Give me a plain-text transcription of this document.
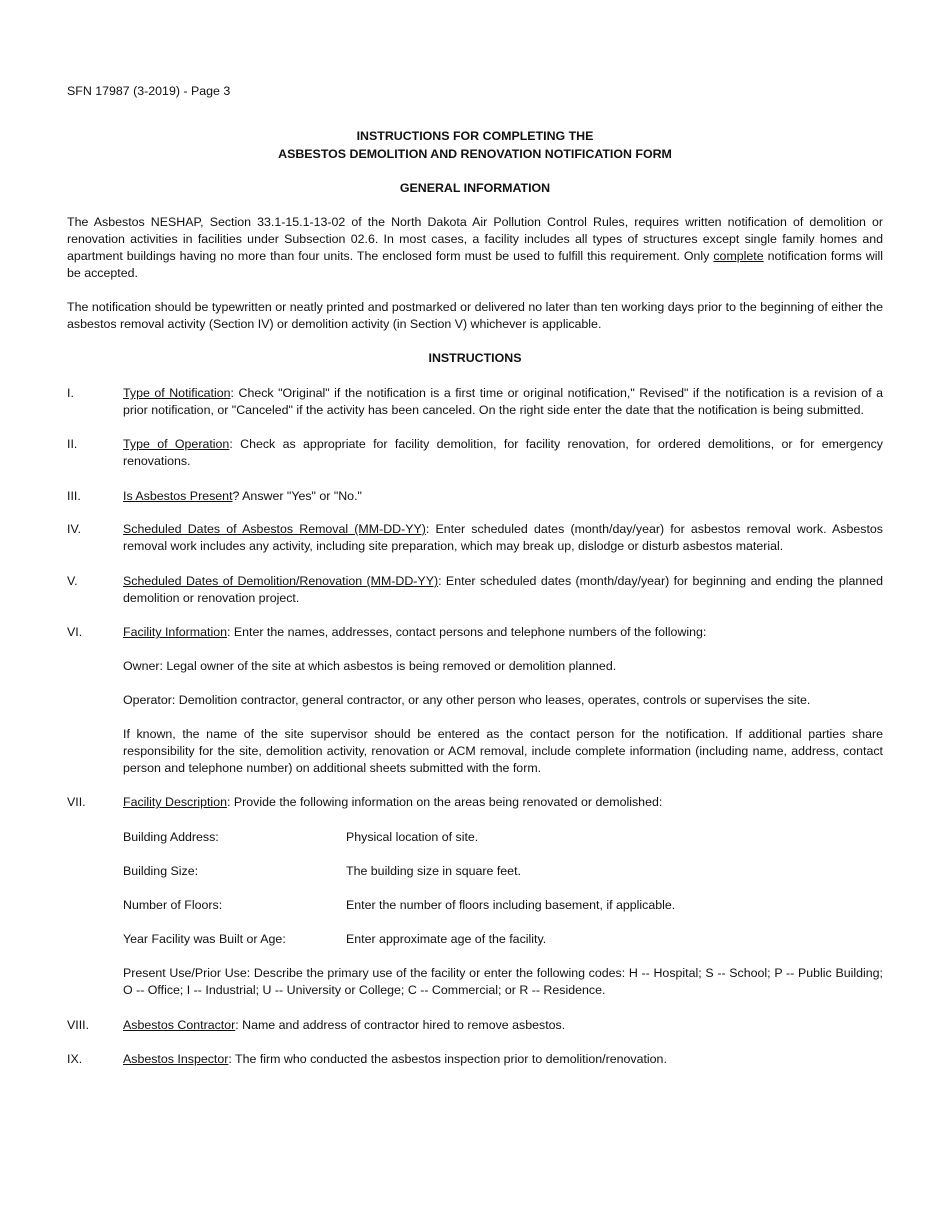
SFN 17987 (3-2019) - Page 3
INSTRUCTIONS FOR COMPLETING THE
ASBESTOS DEMOLITION AND RENOVATION NOTIFICATION FORM
GENERAL INFORMATION
The Asbestos NESHAP, Section 33.1-15.1-13-02 of the North Dakota Air Pollution Control Rules, requires written notification of demolition or renovation activities in facilities under Subsection 02.6. In most cases, a facility includes all types of structures except single family homes and apartment buildings having no more than four units. The enclosed form must be used to fulfill this requirement. Only complete notification forms will be accepted.
The notification should be typewritten or neatly printed and postmarked or delivered no later than ten working days prior to the beginning of either the asbestos removal activity (Section IV) or demolition activity (in Section V) whichever is applicable.
INSTRUCTIONS
I.	Type of Notification: Check "Original" if the notification is a first time or original notification," Revised" if the notification is a revision of a prior notification, or "Canceled" if the activity has been canceled. On the right side enter the date that the notification is being submitted.
II.	Type of Operation: Check as appropriate for facility demolition, for facility renovation, for ordered demolitions, or for emergency renovations.
III.	Is Asbestos Present? Answer "Yes" or "No."
IV.	Scheduled Dates of Asbestos Removal (MM-DD-YY): Enter scheduled dates (month/day/year) for asbestos removal work. Asbestos removal work includes any activity, including site preparation, which may break up, dislodge or disturb asbestos material.
V.	Scheduled Dates of Demolition/Renovation (MM-DD-YY): Enter scheduled dates (month/day/year) for beginning and ending the planned demolition or renovation project.
VI.	Facility Information: Enter the names, addresses, contact persons and telephone numbers of the following:
Owner: Legal owner of the site at which asbestos is being removed or demolition planned.
Operator: Demolition contractor, general contractor, or any other person who leases, operates, controls or supervises the site.
If known, the name of the site supervisor should be entered as the contact person for the notification. If additional parties share responsibility for the site, demolition activity, renovation or ACM removal, include complete information (including name, address, contact person and telephone number) on additional sheets submitted with the form.
VII.	Facility Description: Provide the following information on the areas being renovated or demolished:
Building Address:	Physical location of site.
Building Size:	The building size in square feet.
Number of Floors:	Enter the number of floors including basement, if applicable.
Year Facility was Built or Age:	Enter approximate age of the facility.
Present Use/Prior Use: Describe the primary use of the facility or enter the following codes: H -- Hospital; S -- School; P -- Public Building; O -- Office; I -- Industrial; U -- University or College; C -- Commercial; or R -- Residence.
VIII.	Asbestos Contractor: Name and address of contractor hired to remove asbestos.
IX.	Asbestos Inspector: The firm who conducted the asbestos inspection prior to demolition/renovation.
